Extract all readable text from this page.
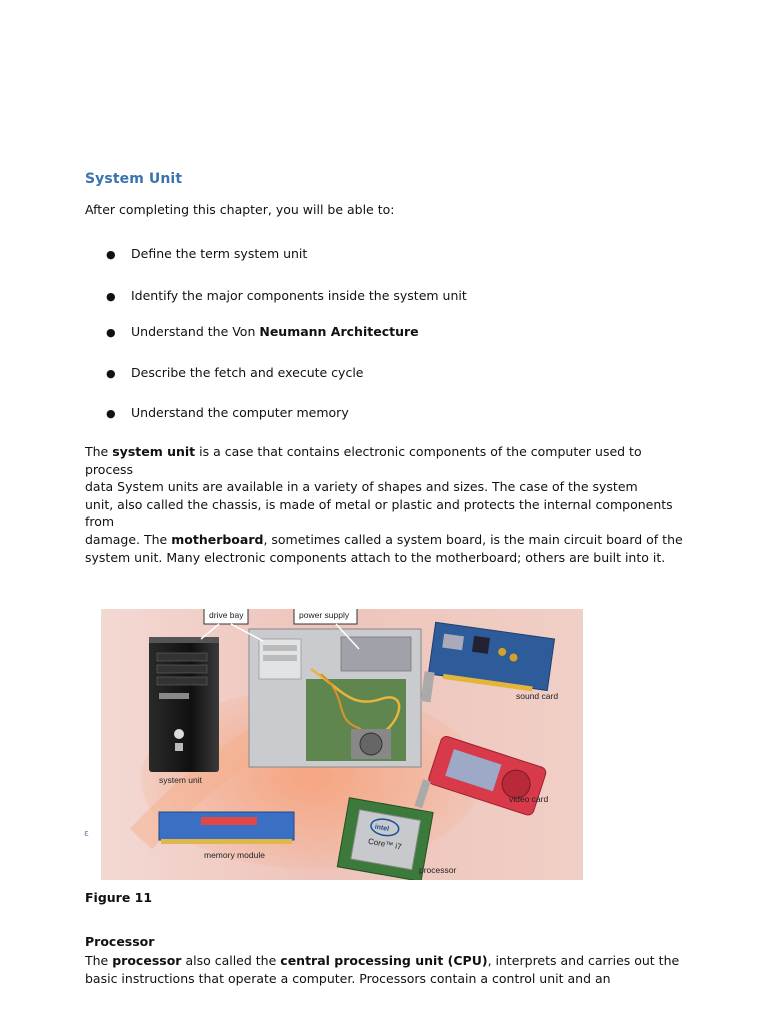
System Unit
After completing this chapter, you will be able to:
● Define the term system unit
● Identify the major components inside the system unit
● Understand the Von Neumann Architecture
● Describe the fetch and execute cycle
● Understand the computer memory
The system unit is a case that contains electronic components of the computer used to
process
data System units are available in a variety of shapes and sizes. The case of the system
unit, also called the chassis, is made of metal or plastic and protects the internal components
from
damage. The motherboard, sometimes called a system board, is the main circuit board of the
system unit. Many electronic components attach to the motherboard; others are built into it.
ε
drive bay	power supply
sound card
video card
intel
Core™ i7
processor
memory module
system unit
Figure 11
Processor
The processor also called the central processing unit (CPU), interprets and carries out the
basic instructions that operate a computer. Processors contain a control unit and an
